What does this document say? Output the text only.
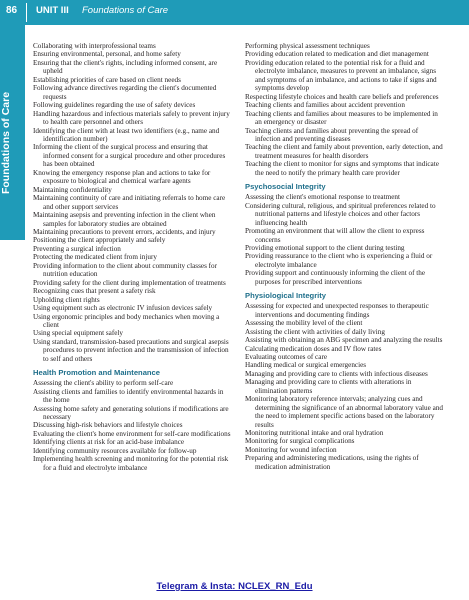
86 UNIT III Foundations of Care
Foundations of Care
Collaborating with interprofessional teams
Ensuring environmental, personal, and home safety
Ensuring that the client's rights, including informed consent, are upheld
Establishing priorities of care based on client needs
Following advance directives regarding the client's documented requests
Following guidelines regarding the use of safety devices
Handling hazardous and infectious materials safely to prevent injury to health care personnel and others
Identifying the client with at least two identifiers (e.g., name and identification number)
Informing the client of the surgical process and ensuring that informed consent for a surgical procedure and other procedures has been obtained
Knowing the emergency response plan and actions to take for exposure to biological and chemical warfare agents
Maintaining confidentiality
Maintaining continuity of care and initiating referrals to home care and other support services
Maintaining asepsis and preventing infection in the client when samples for laboratory studies are obtained
Maintaining precautions to prevent errors, accidents, and injury
Positioning the client appropriately and safely
Preventing a surgical infection
Protecting the medicated client from injury
Providing information to the client about community classes for nutrition education
Providing safety for the client during implementation of treatments
Recognizing cues that present a safety risk
Upholding client rights
Using equipment such as electronic IV infusion devices safely
Using ergonomic principles and body mechanics when moving a client
Using special equipment safely
Using standard, transmission-based precautions and surgical asepsis procedures to prevent infection and the transmission of infection to self and others
Health Promotion and Maintenance
Assessing the client's ability to perform self-care
Assisting clients and families to identify environmental hazards in the home
Assessing home safety and generating solutions if modifications are necessary
Discussing high-risk behaviors and lifestyle choices
Evaluating the client's home environment for self-care modifications
Identifying clients at risk for an acid-base imbalance
Identifying community resources available for follow-up
Implementing health screening and monitoring for the potential risk for a fluid and electrolyte imbalance
Performing physical assessment techniques
Providing education related to medication and diet management
Providing education related to the potential risk for a fluid and electrolyte imbalance, measures to prevent an imbalance, signs and symptoms of an imbalance, and actions to take if signs and symptoms develop
Respecting lifestyle choices and health care beliefs and preferences
Teaching clients and families about accident prevention
Teaching clients and families about measures to be implemented in an emergency or disaster
Teaching clients and families about preventing the spread of infection and preventing diseases
Teaching the client and family about prevention, early detection, and treatment measures for health disorders
Teaching the client to monitor for signs and symptoms that indicate the need to notify the primary health care provider
Psychosocial Integrity
Assessing the client's emotional response to treatment
Considering cultural, religious, and spiritual preferences related to nutritional patterns and lifestyle choices and other factors influencing health
Promoting an environment that will allow the client to express concerns
Providing emotional support to the client during testing
Providing reassurance to the client who is experiencing a fluid or electrolyte imbalance
Providing support and continuously informing the client of the purposes for prescribed interventions
Physiological Integrity
Assessing for expected and unexpected responses to therapeutic interventions and documenting findings
Assessing the mobility level of the client
Assisting the client with activities of daily living
Assisting with obtaining an ABG specimen and analyzing the results
Calculating medication doses and IV flow rates
Evaluating outcomes of care
Handling medical or surgical emergencies
Managing and providing care to clients with infectious diseases
Managing and providing care to clients with alterations in elimination patterns
Monitoring laboratory reference intervals; analyzing cues and determining the significance of an abnormal laboratory value and the need to implement specific actions based on the laboratory results
Monitoring nutritional intake and oral hydration
Monitoring for surgical complications
Monitoring for wound infection
Preparing and administering medications, using the rights of medication administration
Telegram & Insta: NCLEX_RN_Edu
